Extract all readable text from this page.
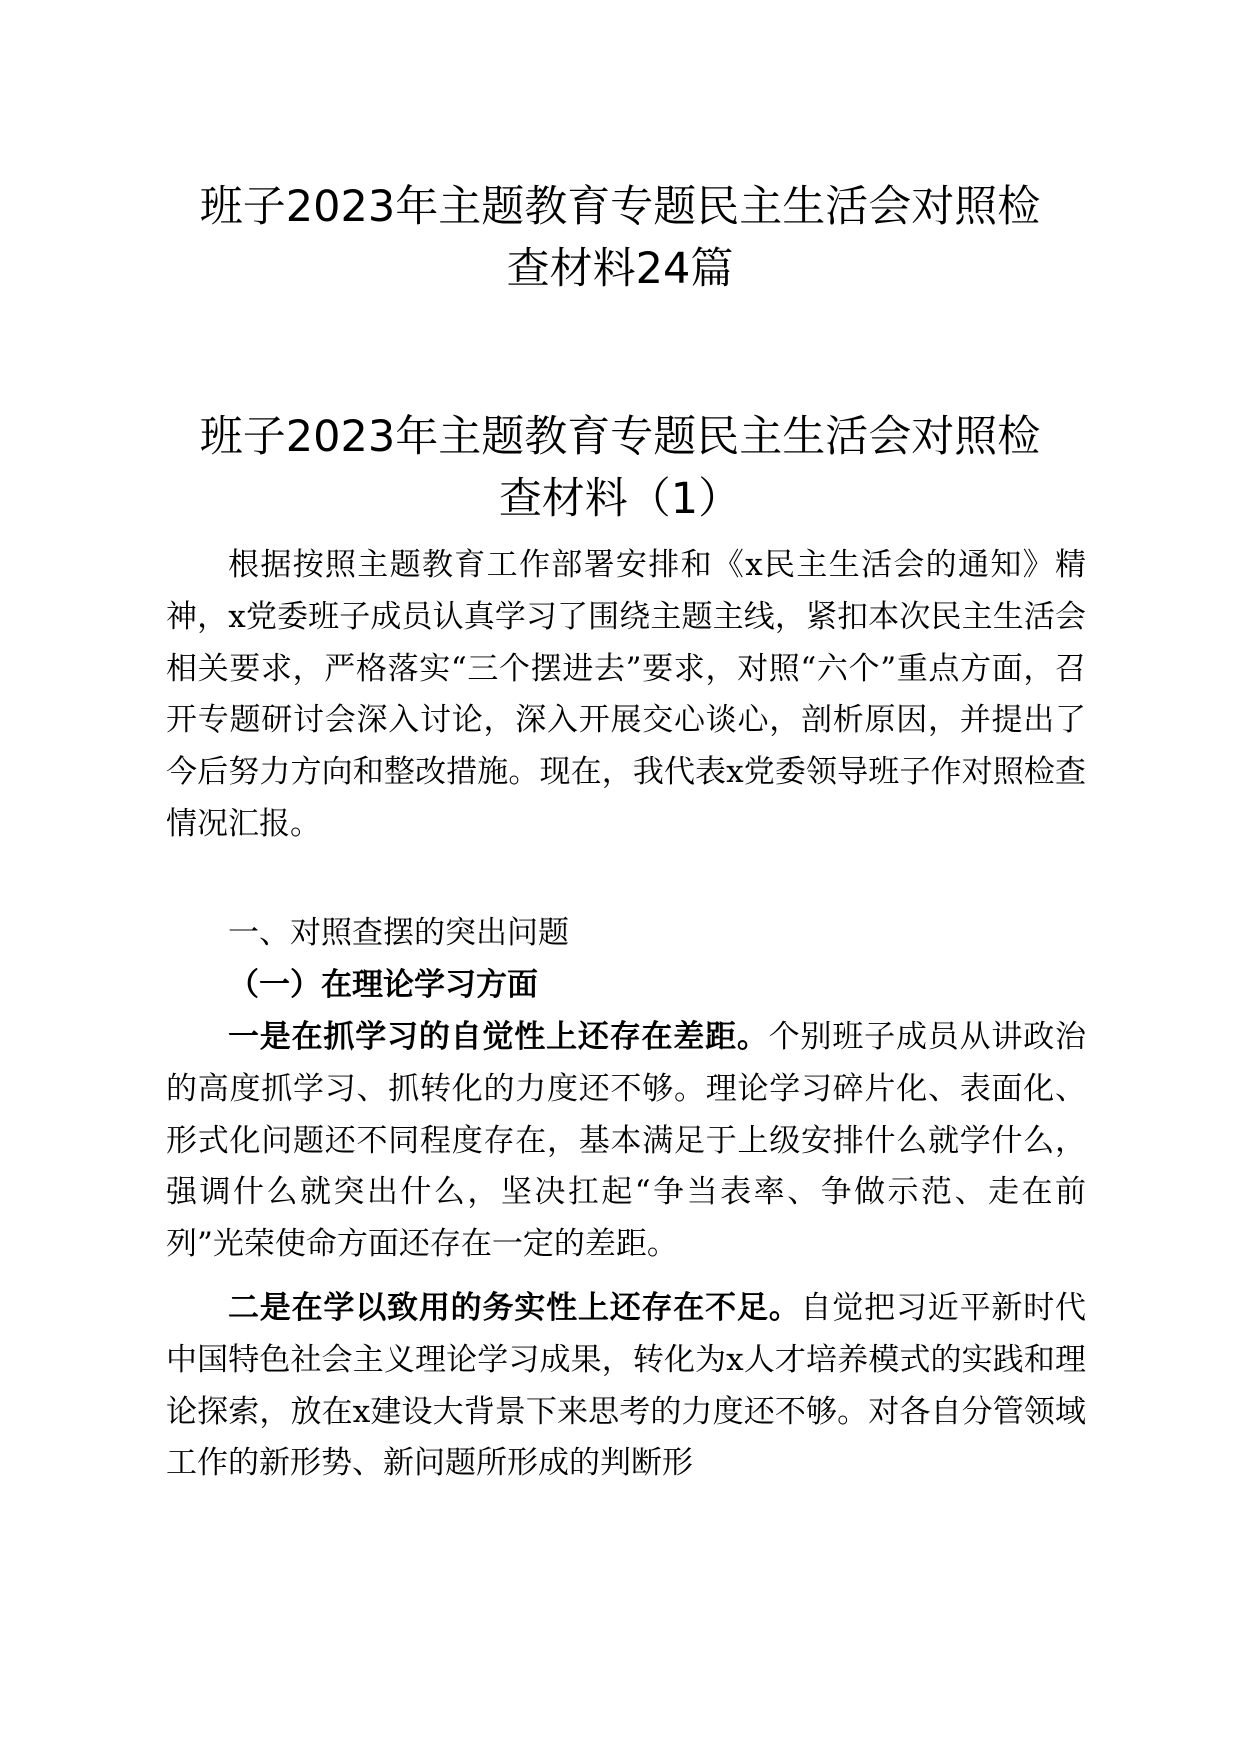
班子2023年主题教育专题民主生活会对照检
查材料24篇
班子2023年主题教育专题民主生活会对照检
查材料（1）

根据按照主题教育工作部署安排和《x民主生活会的通知》精神，x党委班子成员认真学习了围绕主题主线，紧扣本次民主生活会相关要求，严格落实“三个摆进去”要求，对照“六个”重点方面，召开专题研讨会深入讨论，深入开展交心谈心，剖析原因，并提出了今后努力方向和整改措施。现在，我代表x党委领导班子作对照检查情况汇报。

一、对照查摆的突出问题

（一）在理论学习方面

一是在抓学习的自觉性上还存在差距。个别班子成员从讲政治的高度抓学习、抓转化的力度还不够。理论学习碎片化、表面化、形式化问题还不同程度存在，基本满足于上级安排什么就学什么，强调什么就突出什么，坚决扛起“争当表率、争做示范、走在前列”光荣使命方面还存在一定的差距。

二是在学以致用的务实性上还存在不足。自觉把习近平新时代中国特色社会主义理论学习成果，转化为x人才培养模式的实践和理论探索，放在x建设大背景下来思考的力度还不够。对各自分管领域工作的新形势、新问题所形成的判断形
